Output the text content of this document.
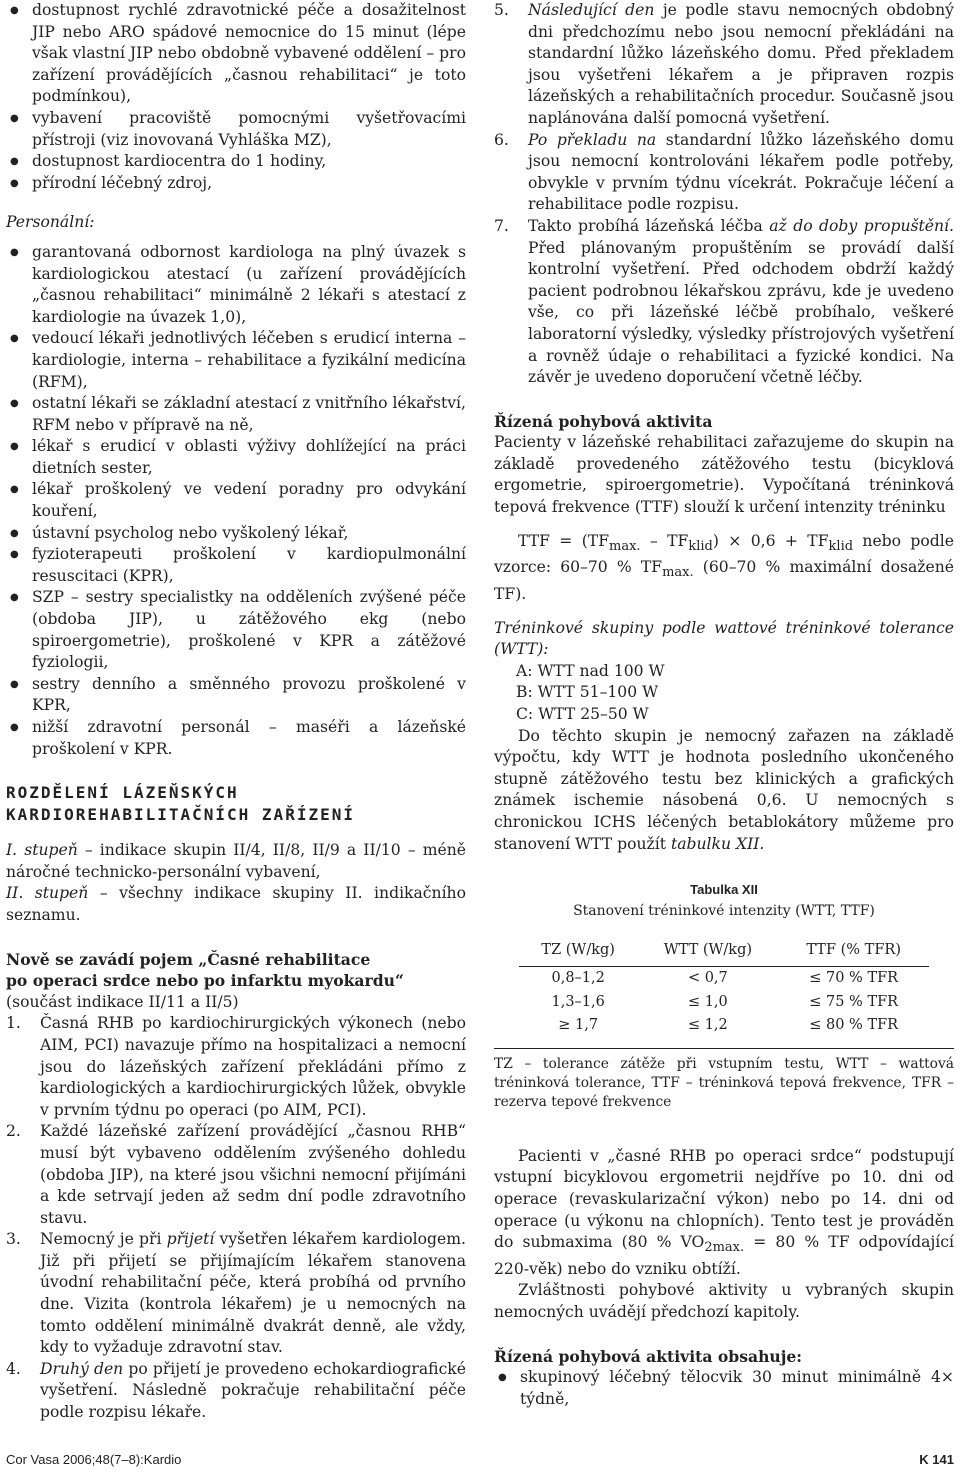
● dostupnost rychlé zdravotnické péče a dosažitelnost JIP nebo ARO spádové nemocnice do 15 minut (lépe však vlastní JIP nebo obdobně vybavené oddělení – pro zařízení provádějících „časnou rehabilitaci“ je toto podmínkou),
● vybavení pracoviště pomocnými vyšetřovacími přístroji (viz inovovaná Vyhláška MZ),
● dostupnost kardiocentra do 1 hodiny,
● přírodní léčebný zdroj,
Personální:
● garantovaná odbornost kardiologa na plný úvazek s kardiologickou atestací (u zařízení provádějících „časnou rehabilitaci“ minimálně 2 lékaři s atestací z kardiologie na úvazek 1,0),
● vedoucí lékaři jednotlivých léčeben s erudicí interna – kardiologie, interna – rehabilitace a fyzikální medicína (RFM),
● ostatní lékaři se základní atestací z vnitřního lékařství, RFM nebo v přípravě na ně,
● lékař s erudicí v oblasti výživy dohlížející na práci dietních sester,
● lékař proškolený ve vedení poradny pro odvykání kouření,
● ústavní psycholog nebo vyškolený lékař,
● fyzioterapeuti proškolení v kardiopulmonální resuscitaci (KPR),
● SZP – sestry specialistky na odděleních zvýšené péče (obdoba JIP), u zátěžového ekg (nebo spiroergometrie), proškolené v KPR a zátěžové fyziologii,
● sestry denního a směnného provozu proškolené v KPR,
● nižší zdravotní personál – maséři a lázeňské proškolení v KPR.
ROZDĚLENÍ LÁZEŇSKÝCH
KARDIOREHABILITAČNÍCH ZAŘÍZENÍ
I. stupeň – indikace skupin II/4, II/8, II/9 a II/10 – méně náročné technicko-personální vybavení,
II. stupeň – všechny indikace skupiny II. indikačního seznamu.
Nově se zavádí pojem „Časné rehabilitace
po operaci srdce nebo po infarktu myokardu“
(součást indikace II/11 a II/5)
1. Časná RHB po kardiochirurgických výkonech (nebo AIM, PCI) navazuje přímo na hospitalizaci a nemocní jsou do lázeňských zařízení překládáni přímo z kardiologických a kardiochirurgických lůžek, obvykle v prvním týdnu po operaci (po AIM, PCI).
2. Každé lázeňské zařízení provádějící „časnou RHB“ musí být vybaveno oddělením zvýšeného dohledu (obdoba JIP), na které jsou všichni nemocní přijímáni a kde setrvají jeden až sedm dní podle zdravotního stavu.
3. Nemocný je při přijetí vyšetřen lékařem kardiologem. Již při přijetí se přijímajícím lékařem stanovena úvodní rehabilitační péče, která probíhá od prvního dne. Vizita (kontrola lékařem) je u nemocných na tomto oddělení minimálně dvakrát denně, ale vždy, kdy to vyžaduje zdravotní stav.
4. Druhý den po přijetí je provedeno echokardiografické vyšetření. Následně pokračuje rehabilitační péče podle rozpisu lékaře.
5. Následující den je podle stavu nemocných obdobný dni předchozímu nebo jsou nemocní překládáni na standardní lůžko lázeňského domu. Před překladem jsou vyšetřeni lékařem a je připraven rozpis lázeňských a rehabilitačních procedur. Současně jsou naplánována další pomocná vyšetření.
6. Po překladu na standardní lůžko lázeňského domu jsou nemocní kontrolováni lékařem podle potřeby, obvykle v prvním týdnu vícekrát. Pokračuje léčení a rehabilitace podle rozpisu.
7. Takto probíhá lázeňská léčba až do doby propuštění. Před plánovaným propuštěním se provádí další kontrolní vyšetření. Před odchodem obdrží každý pacient podrobnou lékařskou zprávu, kde je uvedeno vše, co při lázeňské léčbě probíhalo, veškeré laboratorní výsledky, výsledky přístrojových vyšetření a rovněž údaje o rehabilitaci a fyzické kondici. Na závěr je uvedeno doporučení včetně léčby.
Řízená pohybová aktivita
Pacienty v lázeňské rehabilitaci zařazujeme do skupin na základě provedeného zátěžového testu (bicyklová ergometrie, spiroergometrie). Vypočítaná tréninková tepová frekvence (TTF) slouží k určení intenzity tréninku
TTF = $(TF_{max.} - TF_{klid}) \times 0,6 + TF_{klid}$ nebo podle vzorce: 60–70 % $TF_{max.}$ (60–70 % maximální dosažené TF).
Tréninkové skupiny podle wattové tréninkové tolerance (WTT):
A: WTT nad 100 W
B: WTT 51–100 W
C: WTT 25–50 W
Do těchto skupin je nemocný zařazen na základě výpočtu, kdy WTT je hodnota posledního ukončeného stupně zátěžového testu bez klinických a grafických známek ischemie násobená 0,6. U nemocných s chronickou ICHS léčených betablokátory můžeme pro stanovení WTT použít tabulku XII.
Tabulka XII
Stanovení tréninkové intenzity (WTT, TTF)
TZ (W/kg)	WTT (W/kg)	TTF (% TFR)
0,8–1,2	< 0,7	≤ 70 % TFR
1,3–1,6	≤ 1,0	≤ 75 % TFR
≥ 1,7	≤ 1,2	≤ 80 % TFR
TZ – tolerance zátěže při vstupním testu, WTT – wattová tréninková tolerance, TTF – tréninková tepová frekvence, TFR – rezerva tepové frekvence
Pacienti v „časné RHB po operaci srdce“ podstupují vstupní bicyklovou ergometrii nejdříve po 10. dni od operace (revaskularizační výkon) nebo po 14. dni od operace (u výkonu na chlopních). Tento test je prováděn do submaxima (80 % $VO_{2max.} = 80$ % TF odpovídající 220-věk) nebo do vzniku obtíží.
Zvláštnosti pohybové aktivity u vybraných skupin nemocných uvádějí předchozí kapitoly.
Řízená pohybová aktivita obsahuje:
● skupinový léčebný tělocvik 30 minut minimálně 4× týdně,
Cor Vasa 2006;48(7–8):Kardio	K 141
